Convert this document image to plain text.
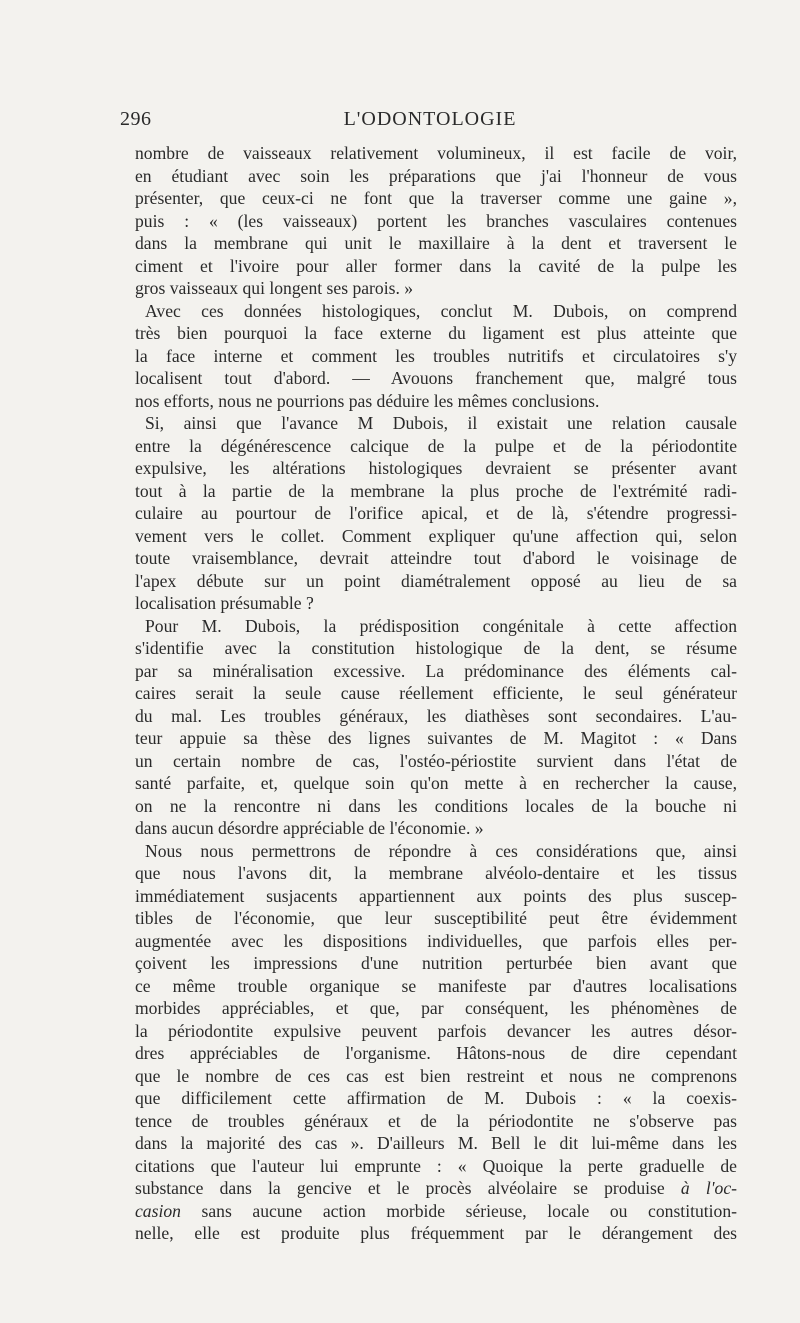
296	L'ODONTOLOGIE
nombre de vaisseaux relativement volumineux, il est facile de voir,
en étudiant avec soin les préparations que j'ai l'honneur de vous
présenter, que ceux-ci ne font que la traverser comme une gaine »,
puis : « (les vaisseaux) portent les branches vasculaires contenues
dans la membrane qui unit le maxillaire à la dent et traversent le
ciment et l'ivoire pour aller former dans la cavité de la pulpe les
gros vaisseaux qui longent ses parois. »
Avec ces données histologiques, conclut M. Dubois, on comprend
très bien pourquoi la face externe du ligament est plus atteinte que
la face interne et comment les troubles nutritifs et circulatoires s'y
localisent tout d'abord. — Avouons franchement que, malgré tous
nos efforts, nous ne pourrions pas déduire les mêmes conclusions.
Si, ainsi que l'avance M Dubois, il existait une relation causale
entre la dégénérescence calcique de la pulpe et de la périodontite
expulsive, les altérations histologiques devraient se présenter avant
tout à la partie de la membrane la plus proche de l'extrémité radi-
culaire au pourtour de l'orifice apical, et de là, s'étendre progressi-
vement vers le collet. Comment expliquer qu'une affection qui, selon
toute vraisemblance, devrait atteindre tout d'abord le voisinage de
l'apex débute sur un point diamétralement opposé au lieu de sa
localisation présumable ?
Pour M. Dubois, la prédisposition congénitale à cette affection
s'identifie avec la constitution histologique de la dent, se résume
par sa minéralisation excessive. La prédominance des éléments cal-
caires serait la seule cause réellement efficiente, le seul générateur
du mal. Les troubles généraux, les diathèses sont secondaires. L'au-
teur appuie sa thèse des lignes suivantes de M. Magitot : « Dans
un certain nombre de cas, l'ostéo-périostite survient dans l'état de
santé parfaite, et, quelque soin qu'on mette à en rechercher la cause,
on ne la rencontre ni dans les conditions locales de la bouche ni
dans aucun désordre appréciable de l'économie. »
Nous nous permettrons de répondre à ces considérations que, ainsi
que nous l'avons dit, la membrane alvéolo-dentaire et les tissus
immédiatement susjacents appartiennent aux points des plus suscep-
tibles de l'économie, que leur susceptibilité peut être évidemment
augmentée avec les dispositions individuelles, que parfois elles per-
çoivent les impressions d'une nutrition perturbée bien avant que
ce même trouble organique se manifeste par d'autres localisations
morbides appréciables, et que, par conséquent, les phénomènes de
la périodontite expulsive peuvent parfois devancer les autres désor-
dres appréciables de l'organisme. Hâtons-nous de dire cependant
que le nombre de ces cas est bien restreint et nous ne comprenons
que difficilement cette affirmation de M. Dubois : « la coexis-
tence de troubles généraux et de la périodontite ne s'observe pas
dans la majorité des cas ». D'ailleurs M. Bell le dit lui-même dans les
citations que l'auteur lui emprunte : « Quoique la perte graduelle de
substance dans la gencive et le procès alvéolaire se produise à l'oc-
casion sans aucune action morbide sérieuse, locale ou constitution-
nelle, elle est produite plus fréquemment par le dérangement des
